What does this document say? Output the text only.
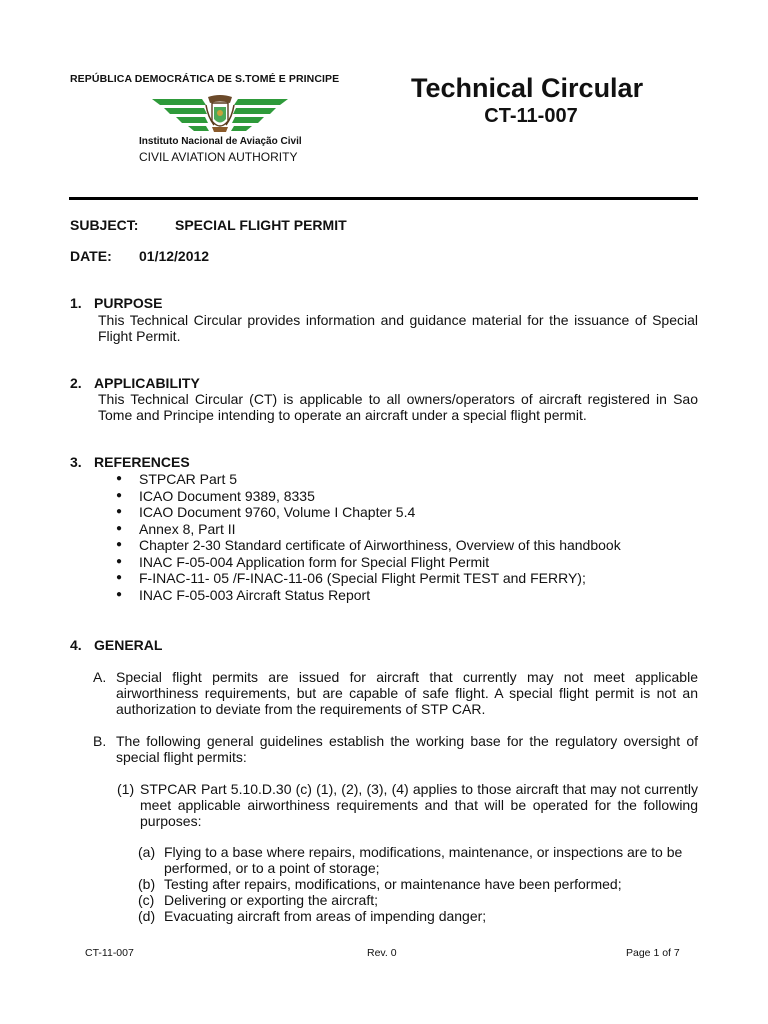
REPÚBLICA DEMOCRÁTICA DE S.TOMÉ E PRINCIPE	Technical Circular
CT-11-007
Instituto Nacional de Aviação Civil
CIVIL AVIATION AUTHORITY
SUBJECT:	SPECIAL FLIGHT PERMIT
DATE: 01/12/2012
1. PURPOSE
This Technical Circular provides information and guidance material for the issuance of Special Flight Permit.
2. APPLICABILITY
This Technical Circular (CT) is applicable to all owners/operators of aircraft registered in Sao Tome and Principe intending to operate an aircraft under a special flight permit.
3. REFERENCES
● STPCAR Part 5
● ICAO Document 9389, 8335
● ICAO Document 9760, Volume I Chapter 5.4
● Annex 8, Part II
● Chapter 2-30 Standard certificate of Airworthiness, Overview of this handbook
● INAC F-05-004 Application form for Special Flight Permit
● F-INAC-11- 05 /F-INAC-11-06 (Special Flight Permit TEST and FERRY);
● INAC F-05-003 Aircraft Status Report
4. GENERAL
A. Special flight permits are issued for aircraft that currently may not meet applicable airworthiness requirements, but are capable of safe flight. A special flight permit is not an authorization to deviate from the requirements of STP CAR.
B. The following general guidelines establish the working base for the regulatory oversight of special flight permits:
(1) STPCAR Part 5.10.D.30 (c) (1), (2), (3), (4) applies to those aircraft that may not currently meet applicable airworthiness requirements and that will be operated for the following purposes:
(a) Flying to a base where repairs, modifications, maintenance, or inspections are to be performed, or to a point of storage;
(b) Testing after repairs, modifications, or maintenance have been performed;
(c) Delivering or exporting the aircraft;
(d) Evacuating aircraft from areas of impending danger;
CT-11-007	Rev. 0	Page 1 of 7
